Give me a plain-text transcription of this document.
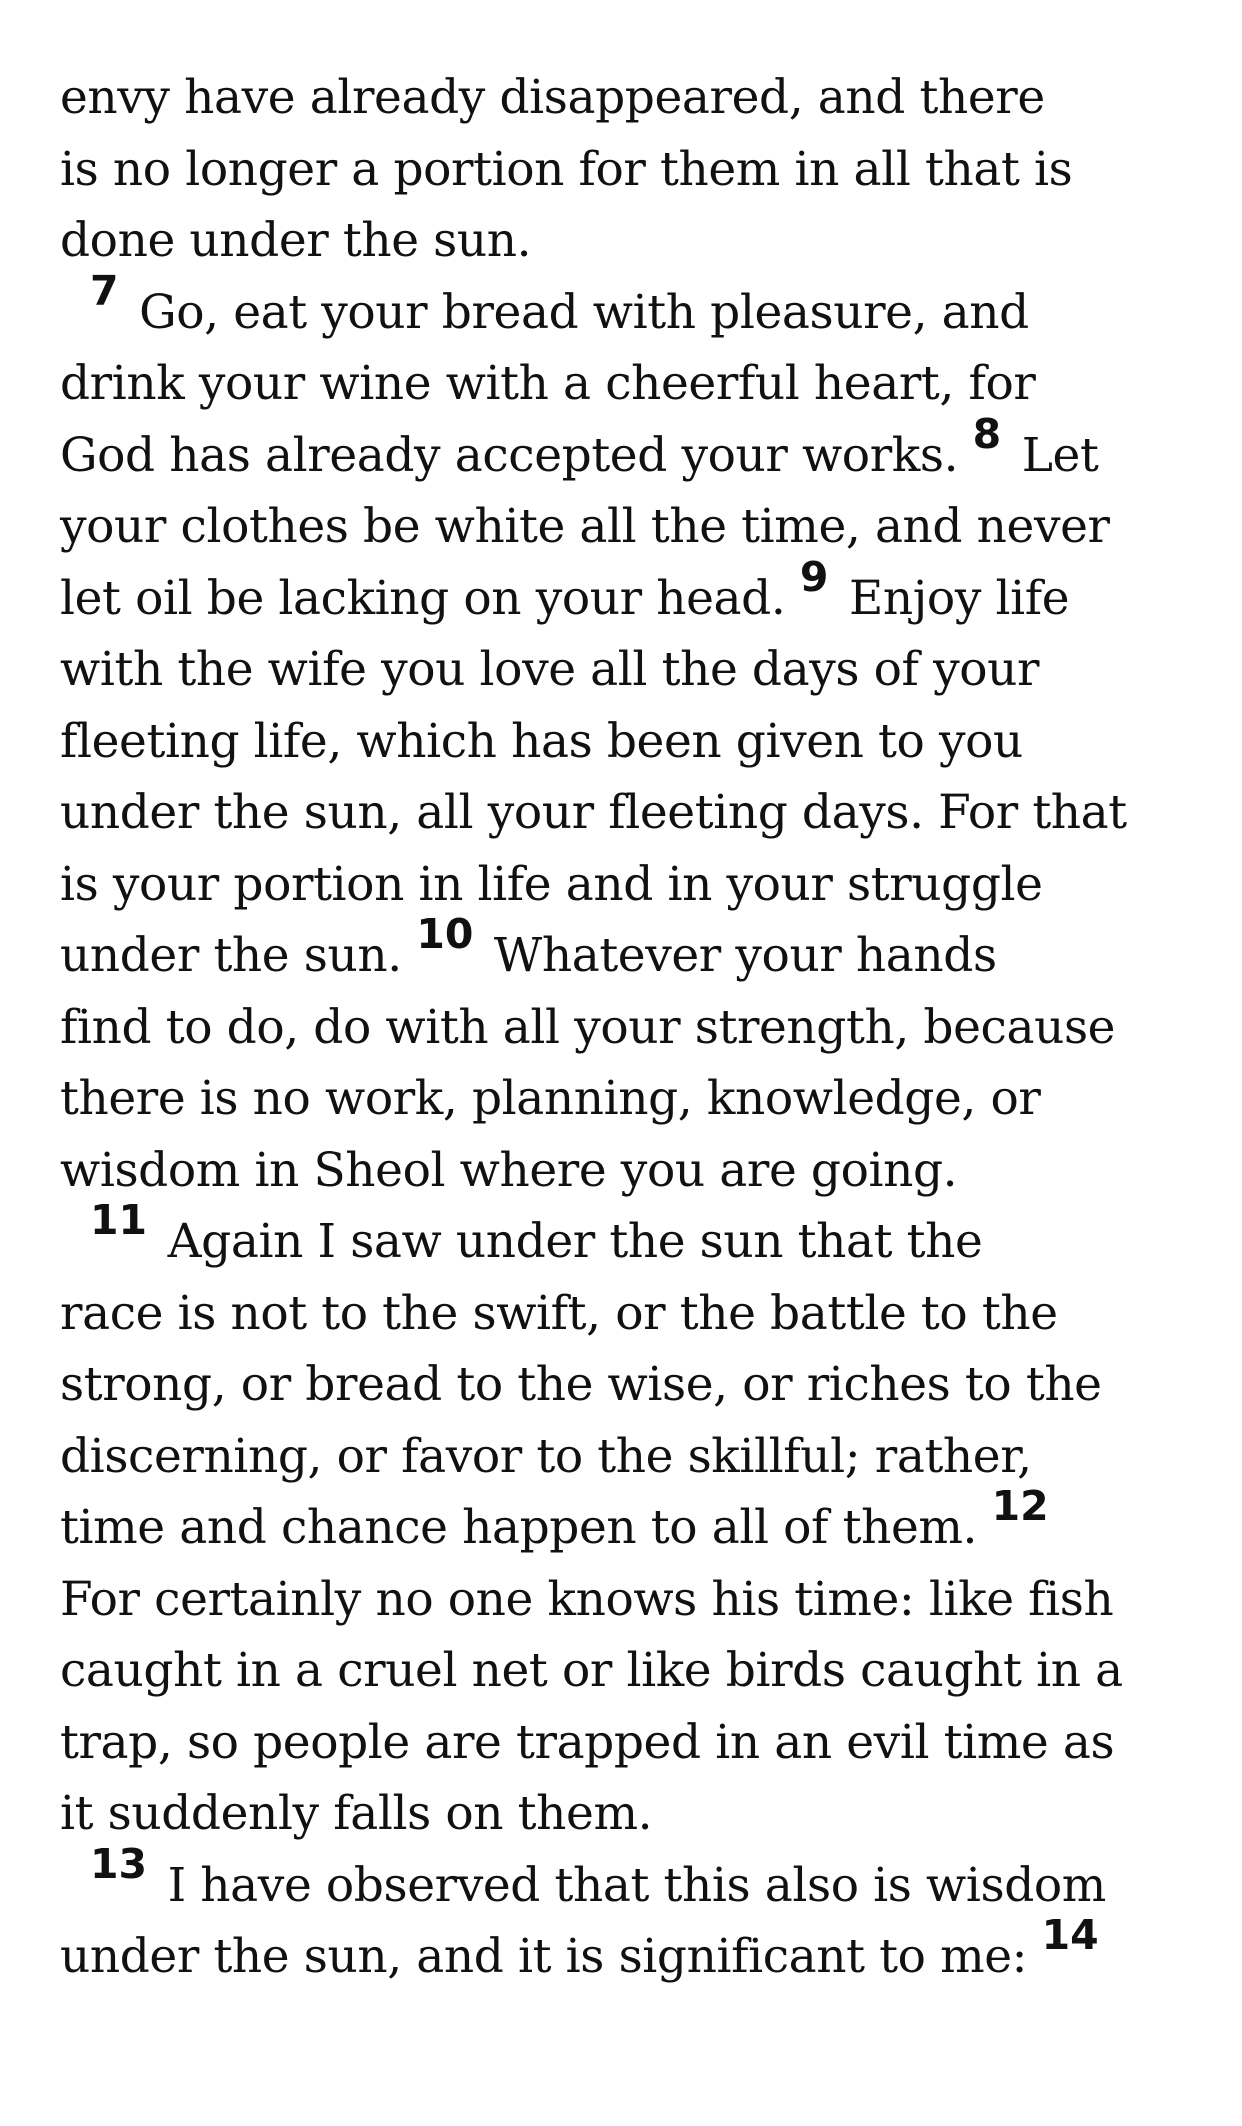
envy have already disappeared, and there
is no longer a portion for them in all that is
done under the sun.
7 Go, eat your bread with pleasure, and
drink your wine with a cheerful heart, for
God has already accepted your works. 8 Let
your clothes be white all the time, and never
let oil be lacking on your head. 9 Enjoy life
with the wife you love all the days of your
fleeting life, which has been given to you
under the sun, all your fleeting days. For that
is your portion in life and in your struggle
under the sun. 10 Whatever your hands
find to do, do with all your strength, because
there is no work, planning, knowledge, or
wisdom in Sheol where you are going.
11 Again I saw under the sun that the
race is not to the swift, or the battle to the
strong, or bread to the wise, or riches to the
discerning, or favor to the skillful; rather,
time and chance happen to all of them. 12
For certainly no one knows his time: like fish
caught in a cruel net or like birds caught in a
trap, so people are trapped in an evil time as
it suddenly falls on them.
13 I have observed that this also is wisdom
under the sun, and it is significant to me: 14
